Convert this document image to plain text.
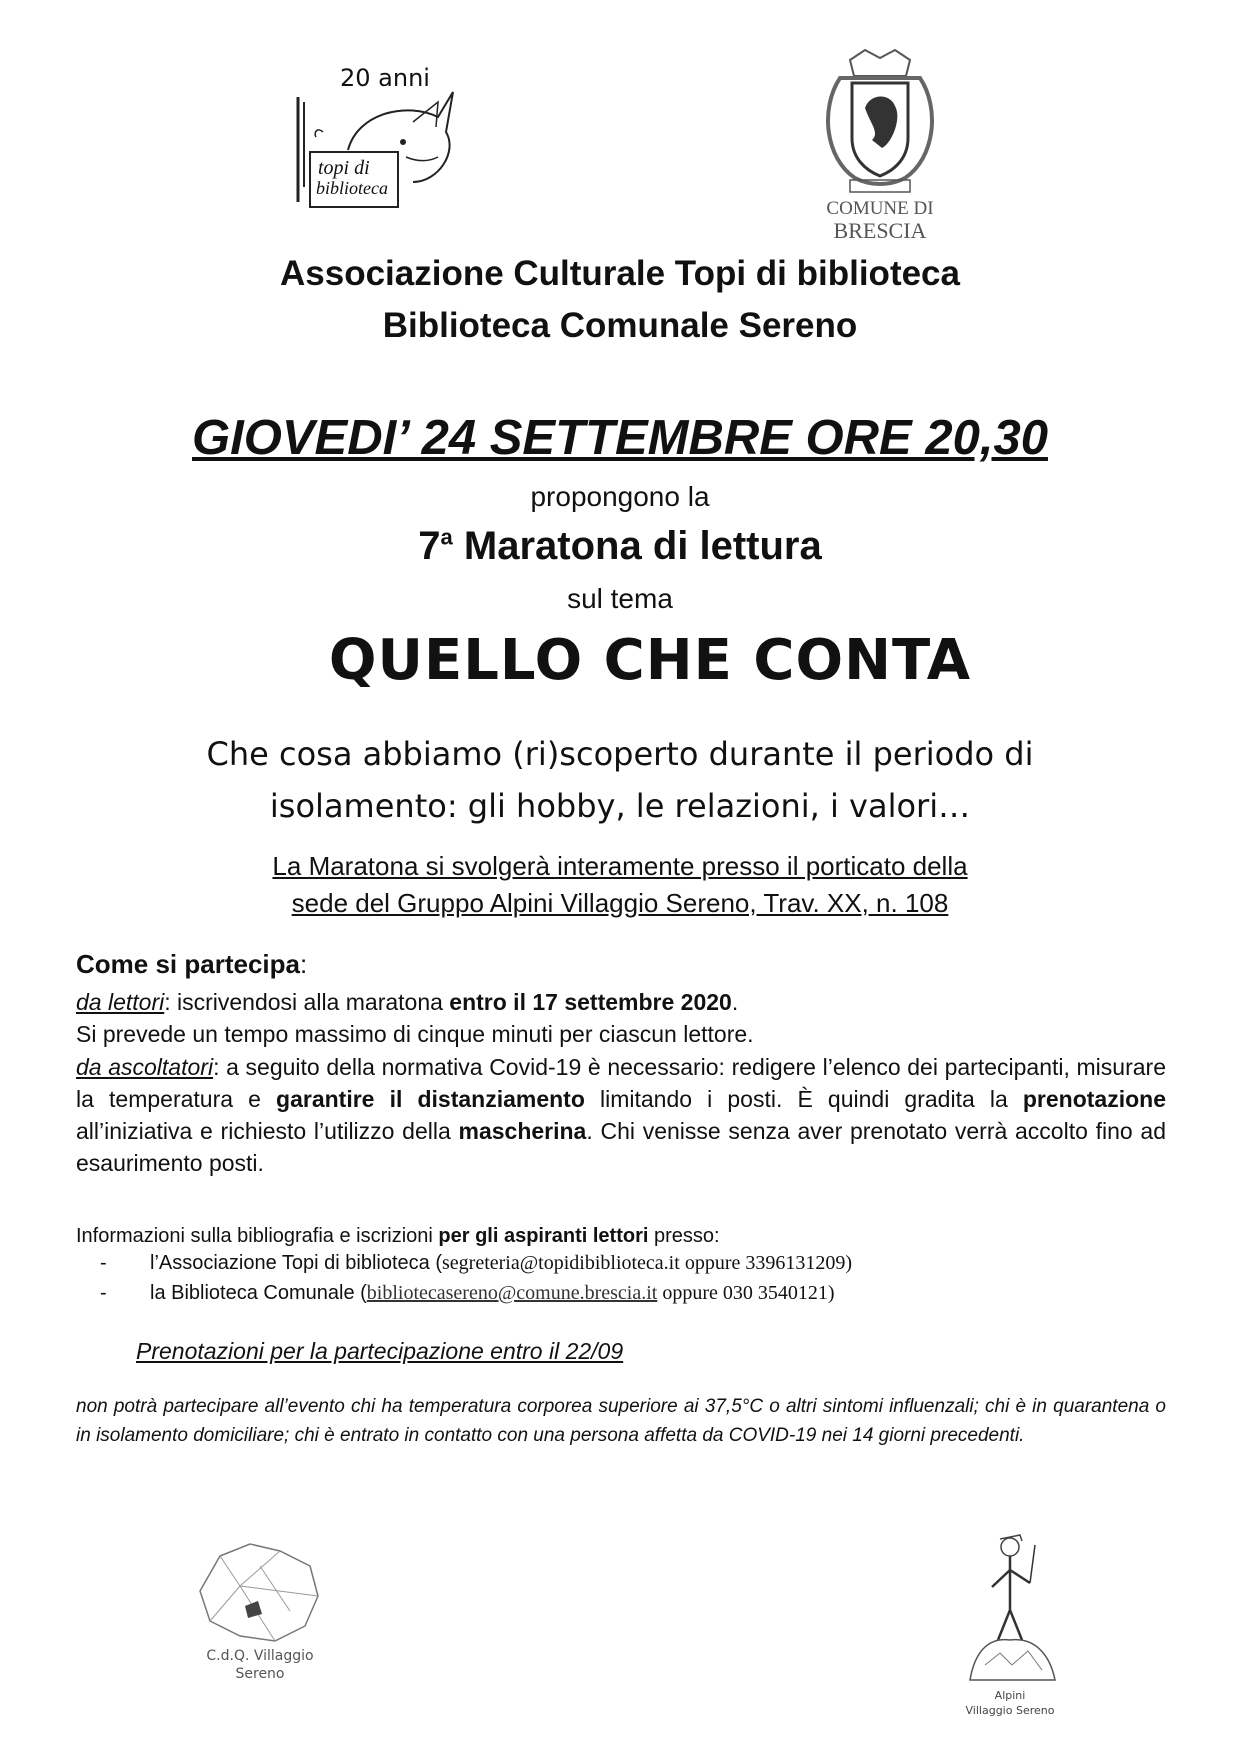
20 anni
topi di
biblioteca
COMUNE DI
BRESCIA
Associazione Culturale Topi di biblioteca
Biblioteca Comunale Sereno
GIOVEDI’ 24 SETTEMBRE ORE 20,30
propongono la
7$^a$ Maratona di lettura
sul tema
QUELLO CHE CONTA
Che cosa abbiamo (ri)scoperto durante il periodo di
isolamento: gli hobby, le relazioni, i valori…
La Maratona si svolgerà interamente presso il porticato della
sede del Gruppo Alpini Villaggio Sereno, Trav. XX, n. 108
Come si partecipa:
da lettori: iscrivendosi alla maratona entro il 17 settembre 2020.
Si prevede un tempo massimo di cinque minuti per ciascun lettore.
da ascoltatori: a seguito della normativa Covid-19 è necessario: redigere l’elenco dei partecipanti, misurare la temperatura e garantire il distanziamento limitando i posti. È quindi gradita la prenotazione all’iniziativa e richiesto l’utilizzo della mascherina. Chi venisse senza aver prenotato verrà accolto fino ad esaurimento posti.
Informazioni sulla bibliografia e iscrizioni per gli aspiranti lettori presso:
- l’Associazione Topi di biblioteca (segreteria@topidibiblioteca.it oppure 3396131209)
- la Biblioteca Comunale (bibliotecasereno@comune.brescia.it oppure 030 3540121)
Prenotazioni per la partecipazione entro il 22/09
non potrà partecipare all’evento chi ha temperatura corporea superiore ai 37,5°C o altri sintomi influenzali; chi è in quarantena o in isolamento domiciliare; chi è entrato in contatto con una persona affetta da COVID-19 nei 14 giorni precedenti.
C.d.Q. Villaggio
Sereno
Alpini
Villaggio Sereno
